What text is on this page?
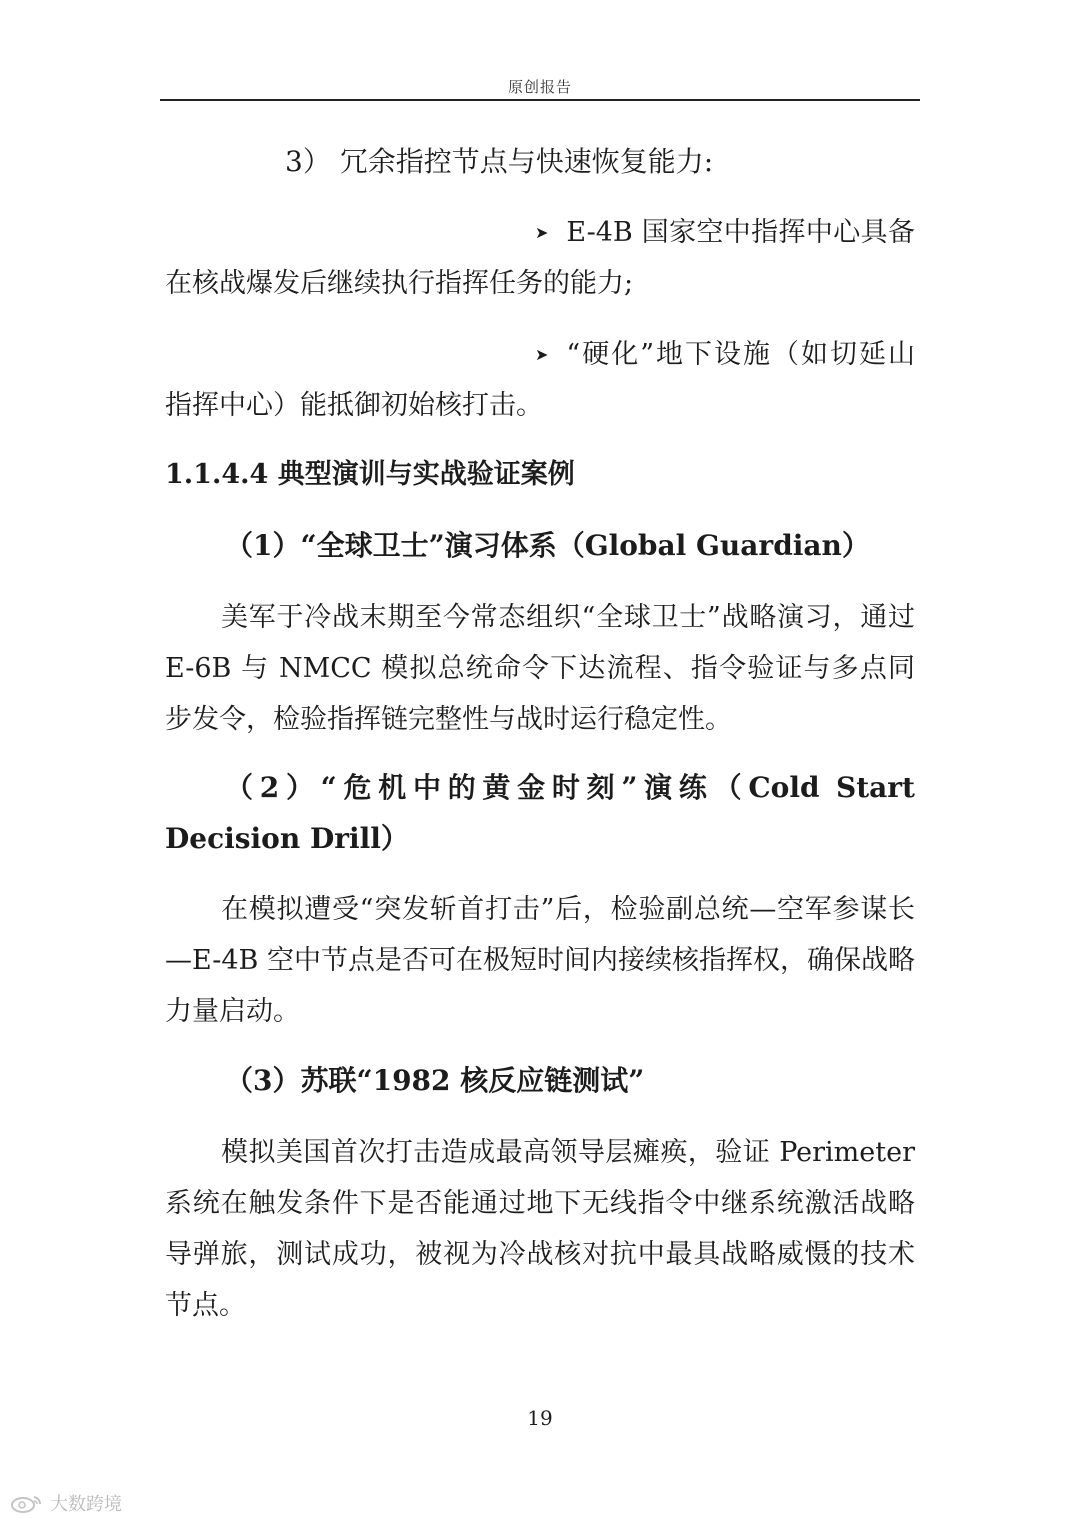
原创报告
3） 冗余指控节点与快速恢复能力:
➤ E-4B 国家空中指挥中心具备在核战爆发后继续执行指挥任务的能力;
➤ “硬化”地下设施（如切延山指挥中心）能抵御初始核打击。
1.1.4.4 典型演训与实战验证案例
（1）“全球卫士”演习体系（Global Guardian）
美军于冷战末期至今常态组织“全球卫士”战略演习，通过 E-6B 与 NMCC 模拟总统命令下达流程、指令验证与多点同步发令，检验指挥链完整性与战时运行稳定性。
（2）“危机中的黄金时刻”演练（Cold Start Decision Drill）
在模拟遭受“突发斩首打击”后，检验副总统—空军参谋长—E-4B 空中节点是否可在极短时间内接续核指挥权，确保战略力量启动。
（3）苏联“1982 核反应链测试”
模拟美国首次打击造成最高领导层瘫痪，验证 Perimeter 系统在触发条件下是否能通过地下无线指令中继系统激活战略导弹旅，测试成功，被视为冷战核对抗中最具战略威慑的技术节点。
19
大数跨境
